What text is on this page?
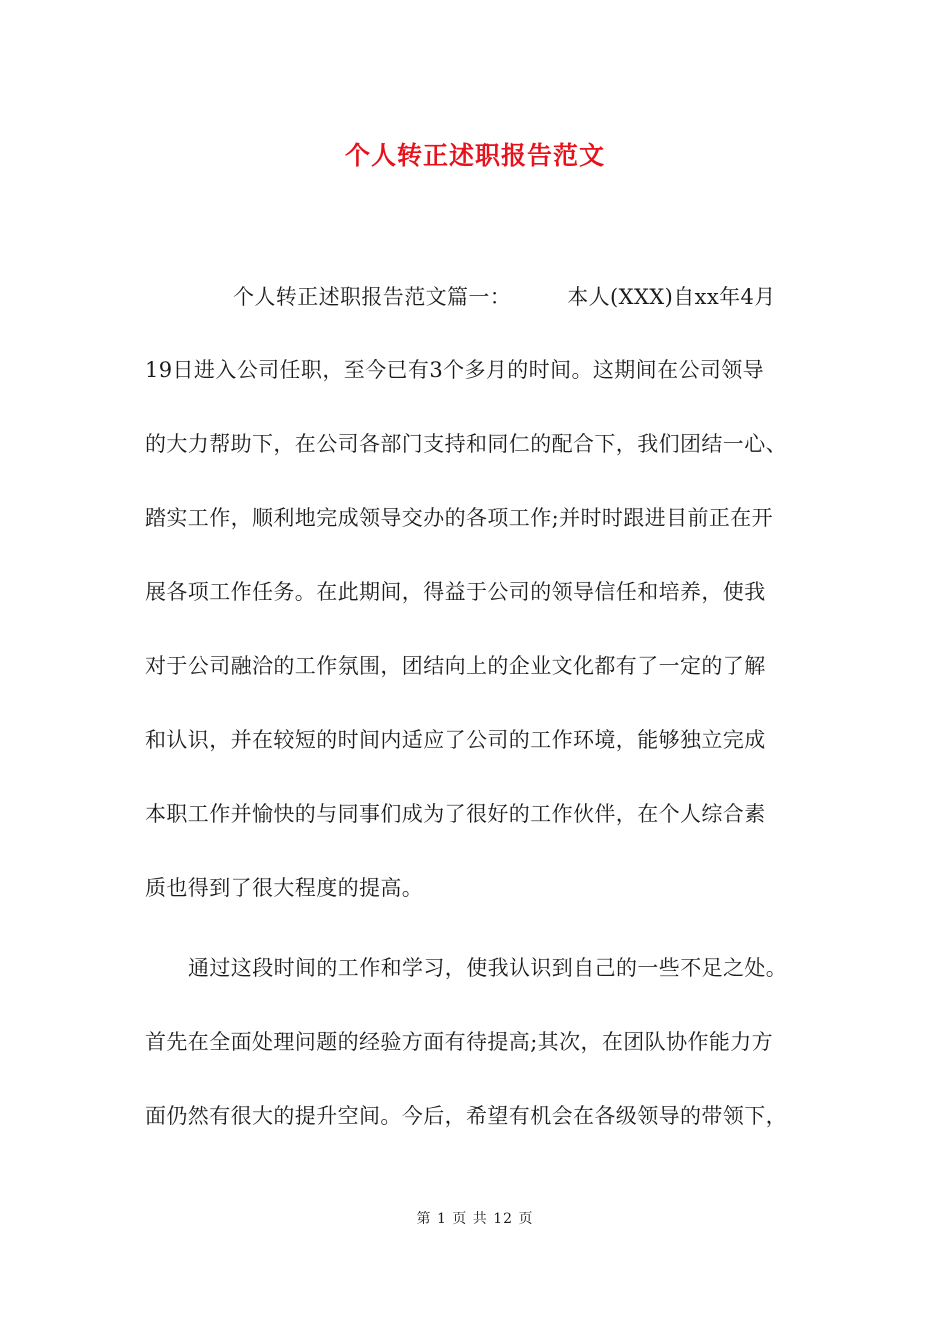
个人转正述职报告范文
个人转正述职报告范文篇一：	本人(XXX)自xx年4月
19日进入公司任职，至今已有3个多月的时间。这期间在公司领导
的大力帮助下，在公司各部门支持和同仁的配合下，我们团结一心、
踏实工作，顺利地完成领导交办的各项工作;并时时跟进目前正在开
展各项工作任务。在此期间，得益于公司的领导信任和培养，使我
对于公司融洽的工作氛围，团结向上的企业文化都有了一定的了解
和认识，并在较短的时间内适应了公司的工作环境，能够独立完成
本职工作并愉快的与同事们成为了很好的工作伙伴，在个人综合素
质也得到了很大程度的提高。
通过这段时间的工作和学习，使我认识到自己的一些不足之处。
首先在全面处理问题的经验方面有待提高;其次，在团队协作能力方
面仍然有很大的提升空间。今后，希望有机会在各级领导的带领下，
第 1 页 共 12 页
